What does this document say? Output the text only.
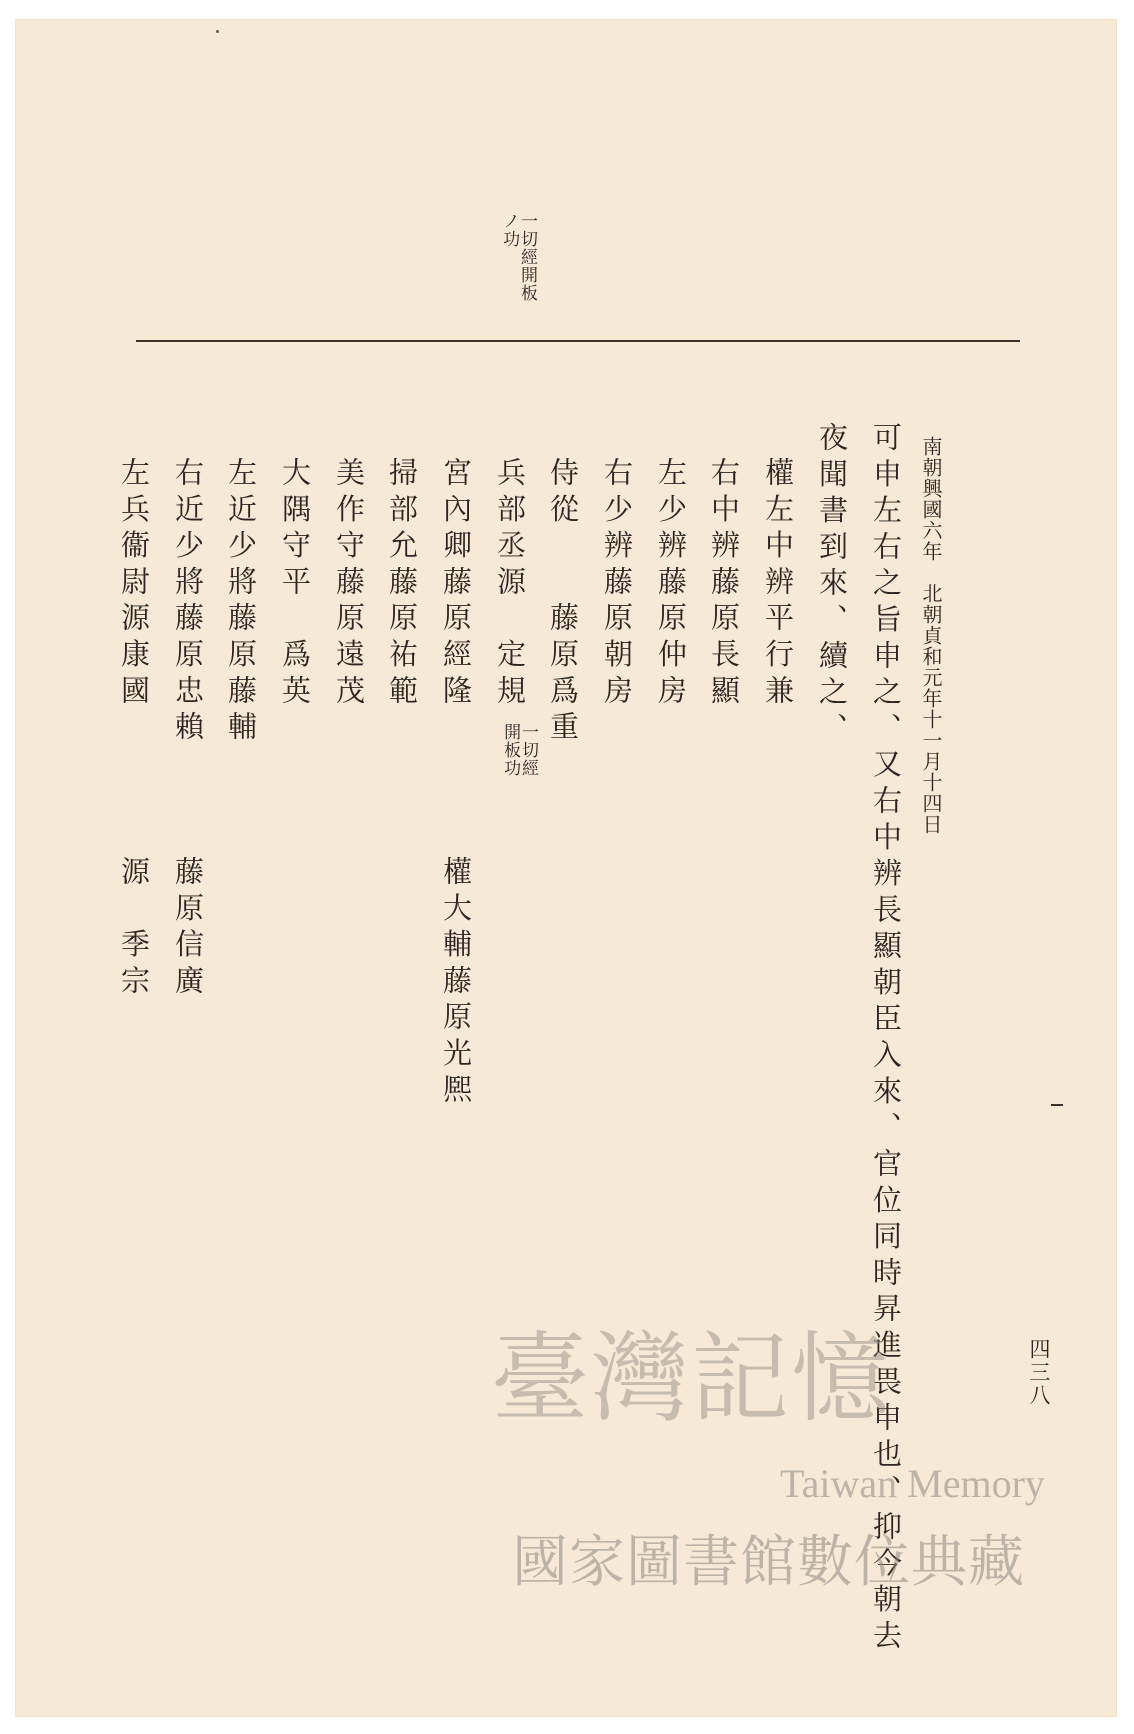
一切經開板ノ功
南朝興國六年　北朝貞和元年十一月十四日
可申左右之旨申之、又右中辨長顯朝臣入來、官位同時昇進畏申也、抑今朝去
夜聞書到來、續之、
權左中辨平行兼
右中辨藤原長顯
左少辨藤原仲房
右少辨藤原朝房
侍從　　藤原爲重
兵部丞源　定規
宮內卿藤原經隆
掃部允藤原祐範
美作守藤原遠茂
大隅守平　爲英
左近少將藤原藤輔
右近少將藤原忠賴
左兵衞尉源康國
一切經開板功
權大輔藤原光熈
藤原信廣
源　季宗
四三八
臺灣記憶
Taiwan Memory
國家圖書館數位典藏
